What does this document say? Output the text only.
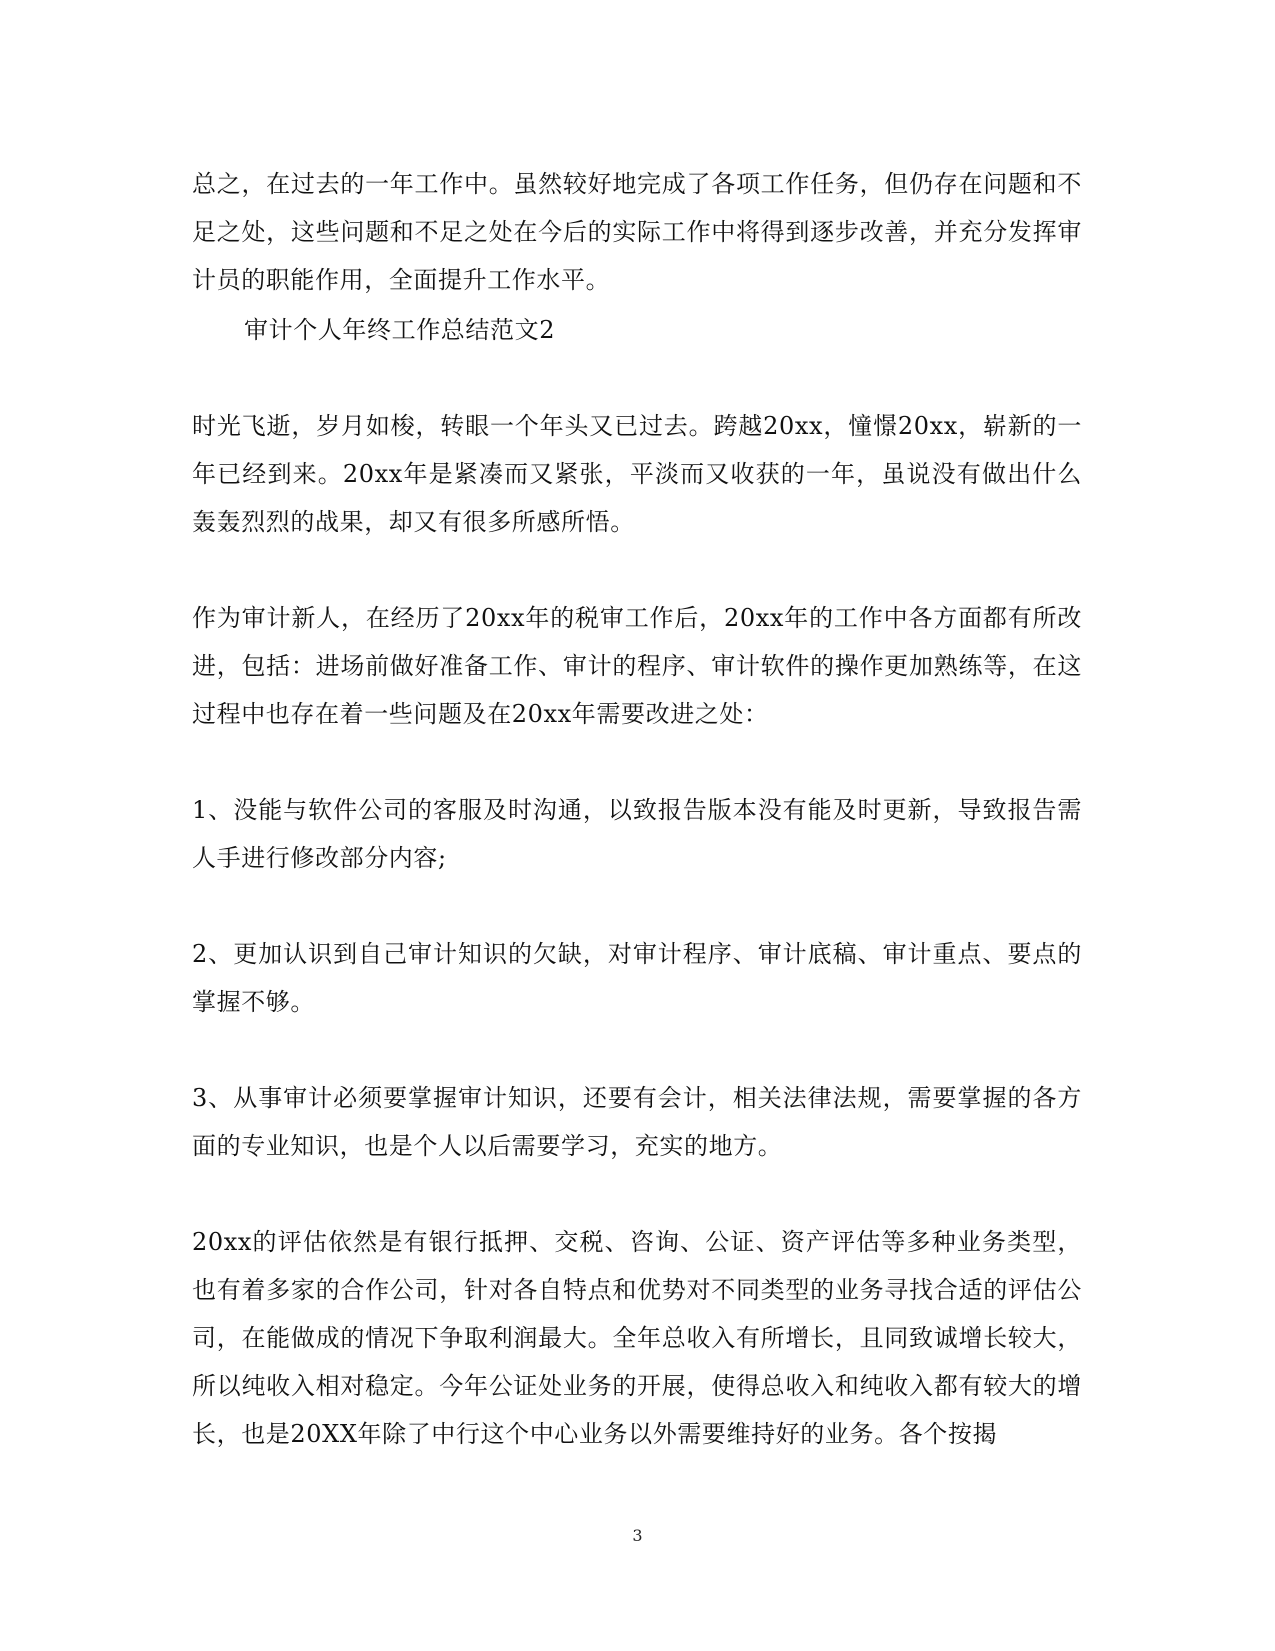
总之，在过去的一年工作中。虽然较好地完成了各项工作任务，但仍存在问题和不足之处，这些问题和不足之处在今后的实际工作中将得到逐步改善，并充分发挥审计员的职能作用，全面提升工作水平。

审计个人年终工作总结范文2

时光飞逝，岁月如梭，转眼一个年头又已过去。跨越20xx，憧憬20xx，崭新的一年已经到来。20xx年是紧凑而又紧张，平淡而又收获的一年，虽说没有做出什么轰轰烈烈的战果，却又有很多所感所悟。

作为审计新人，在经历了20xx年的税审工作后，20xx年的工作中各方面都有所改进，包括：进场前做好准备工作、审计的程序、审计软件的操作更加熟练等，在这过程中也存在着一些问题及在20xx年需要改进之处：

1、没能与软件公司的客服及时沟通，以致报告版本没有能及时更新，导致报告需人手进行修改部分内容;

2、更加认识到自己审计知识的欠缺，对审计程序、审计底稿、审计重点、要点的掌握不够。

3、从事审计必须要掌握审计知识，还要有会计，相关法律法规，需要掌握的各方面的专业知识，也是个人以后需要学习，充实的地方。

20xx的评估依然是有银行抵押、交税、咨询、公证、资产评估等多种业务类型，也有着多家的合作公司，针对各自特点和优势对不同类型的业务寻找合适的评估公司，在能做成的情况下争取利润最大。全年总收入有所增长，且同致诚增长较大，所以纯收入相对稳定。今年公证处业务的开展，使得总收入和纯收入都有较大的增长，也是20XX年除了中行这个中心业务以外需要维持好的业务。各个按揭

3
